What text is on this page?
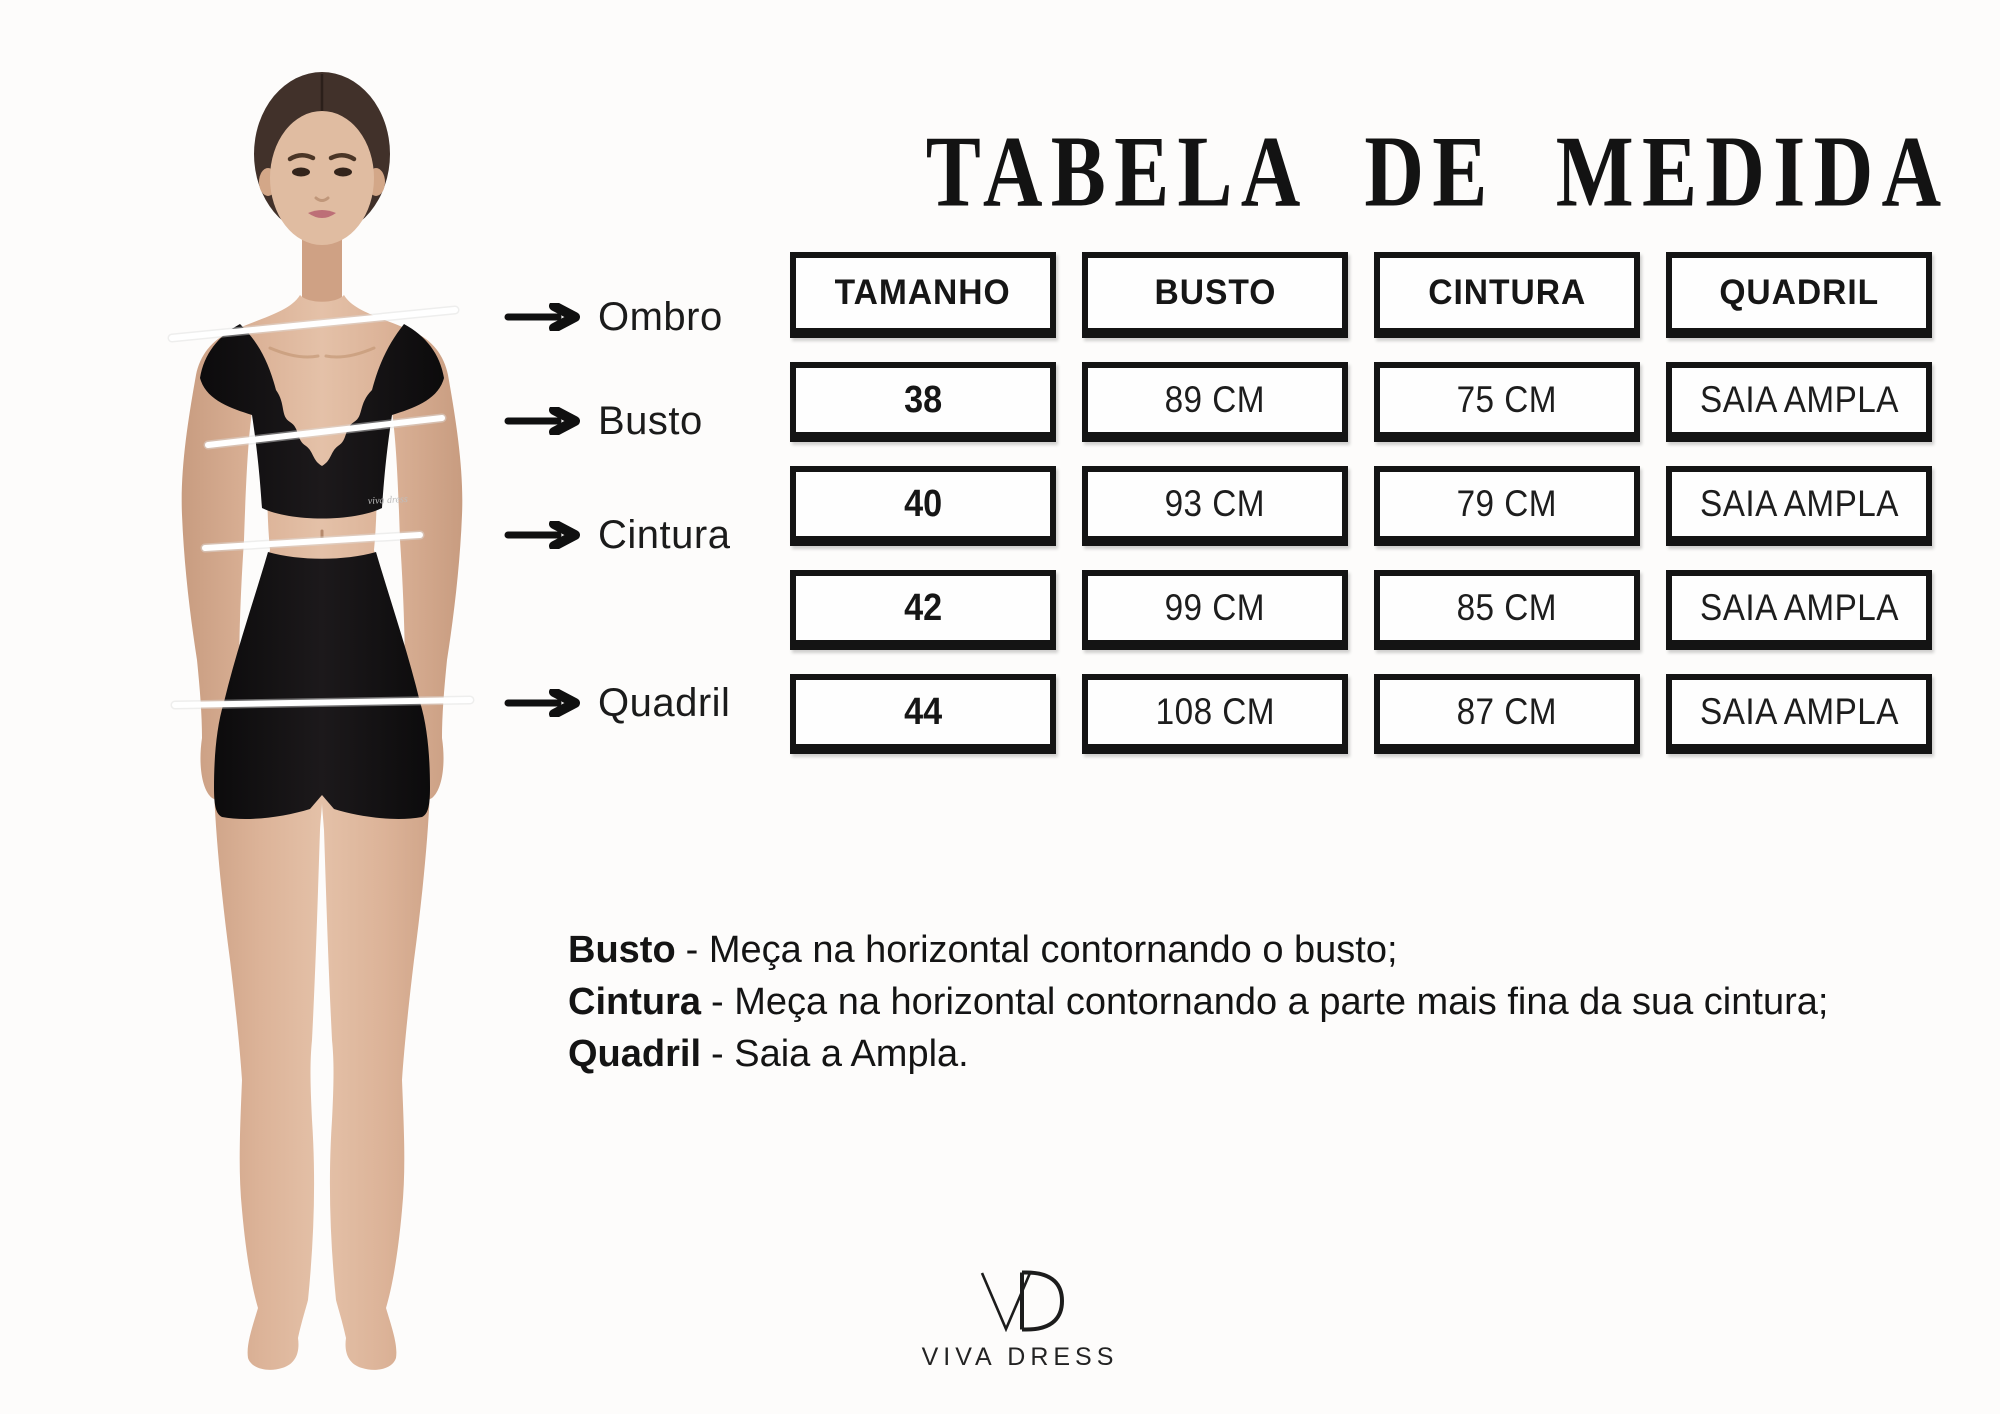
viva dress
TABELA DE MEDIDA
Ombro
Busto
Cintura
Quadril
TAMANHO	BUSTO	CINTURA	QUADRIL
38	89 CM	75 CM	SAIA AMPLA
40	93 CM	79 CM	SAIA AMPLA
42	99 CM	85 CM	SAIA AMPLA
44	108 CM	87 CM	SAIA AMPLA
Busto - Meça na horizontal contornando o busto;
Cintura - Meça na horizontal contornando a parte mais fina da sua cintura;
Quadril - Saia a Ampla.
VIVA DRESS
